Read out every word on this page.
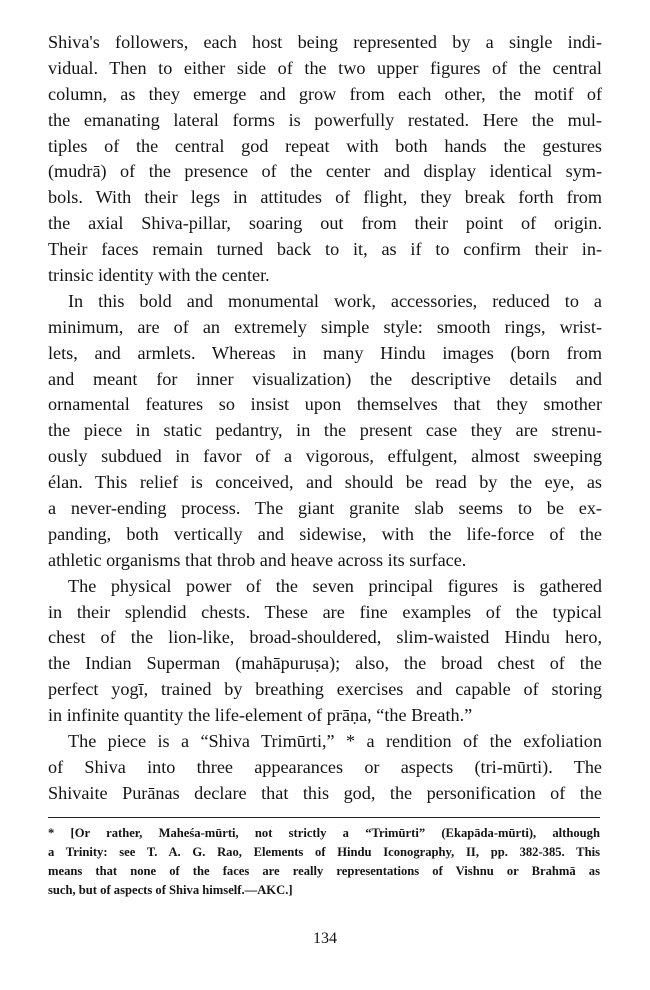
Shiva's followers, each host being represented by a single indi-
vidual. Then to either side of the two upper figures of the central
column, as they emerge and grow from each other, the motif of
the emanating lateral forms is powerfully restated. Here the mul-
tiples of the central god repeat with both hands the gestures
(mudrā) of the presence of the center and display identical sym-
bols. With their legs in attitudes of flight, they break forth from
the axial Shiva-pillar, soaring out from their point of origin.
Their faces remain turned back to it, as if to confirm their in-
trinsic identity with the center.
In this bold and monumental work, accessories, reduced to a
minimum, are of an extremely simple style: smooth rings, wrist-
lets, and armlets. Whereas in many Hindu images (born from
and meant for inner visualization) the descriptive details and
ornamental features so insist upon themselves that they smother
the piece in static pedantry, in the present case they are strenu-
ously subdued in favor of a vigorous, effulgent, almost sweeping
élan. This relief is conceived, and should be read by the eye, as
a never-ending process. The giant granite slab seems to be ex-
panding, both vertically and sidewise, with the life-force of the
athletic organisms that throb and heave across its surface.
The physical power of the seven principal figures is gathered
in their splendid chests. These are fine examples of the typical
chest of the lion-like, broad-shouldered, slim-waisted Hindu hero,
the Indian Superman (mahāpuruṣa); also, the broad chest of the
perfect yogī, trained by breathing exercises and capable of storing
in infinite quantity the life-element of prāṇa, “the Breath.”
The piece is a “Shiva Trimūrti,” * a rendition of the exfoliation
of Shiva into three appearances or aspects (tri-mūrti). The
Shivaite Purānas declare that this god, the personification of the
* [Or rather, Maheśa-mūrti, not strictly a “Trimūrti” (Ekapāda-mūrti), although
a Trinity: see T. A. G. Rao, Elements of Hindu Iconography, II, pp. 382-385. This
means that none of the faces are really representations of Vishnu or Brahmā as
such, but of aspects of Shiva himself.—AKC.]
134
